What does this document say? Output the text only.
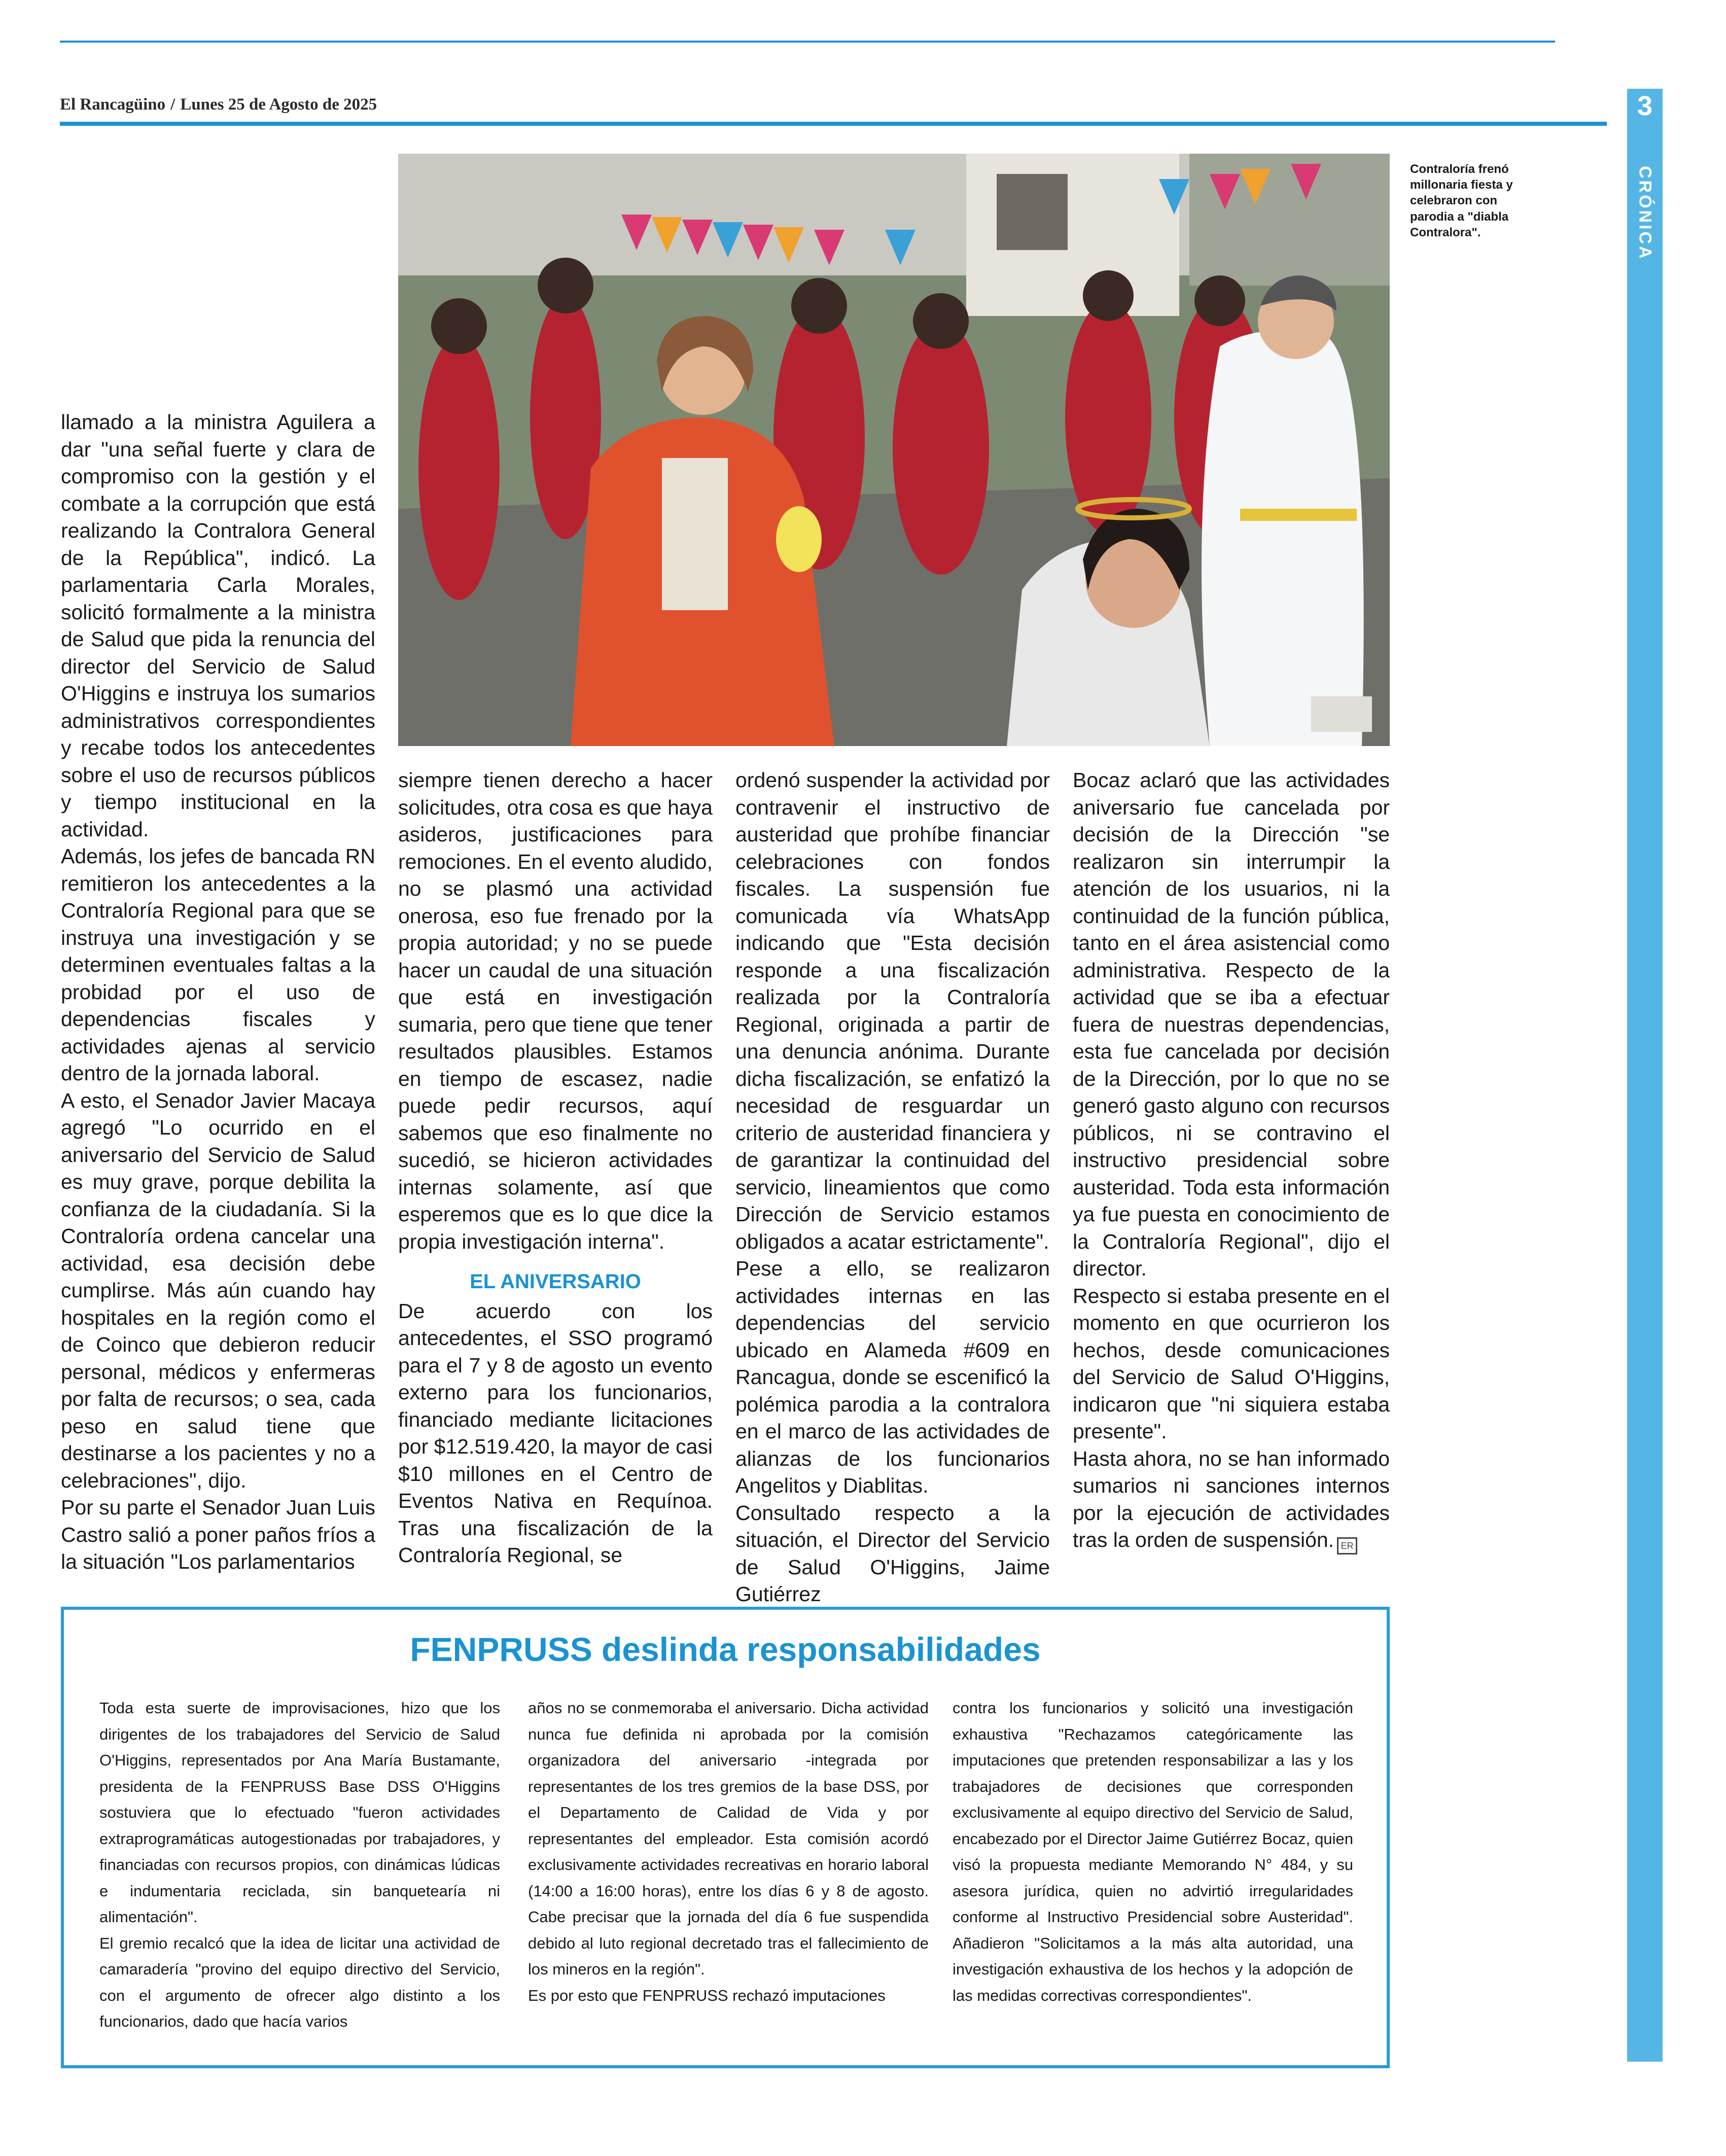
El Rancagüino / Lunes 25 de Agosto de 2025	3
CRÓNICA
Contraloría frenó millonaria fiesta y celebraron con parodia a "diabla Contralora".

llamado a la ministra Aguilera a dar "una señal fuerte y clara de compromiso con la gestión y el combate a la corrupción que está realizando la Contralora General de la República", indicó. La parlamentaria Carla Morales, solicitó formalmente a la ministra de Salud que pida la renuncia del director del Servicio de Salud O'Higgins e instruya los sumarios administrativos correspondientes y recabe todos los antecedentes sobre el uso de recursos públicos y tiempo institucional en la actividad.

Además, los jefes de bancada RN remitieron los antecedentes a la Contraloría Regional para que se instruya una investigación y se determinen eventuales faltas a la probidad por el uso de dependencias fiscales y actividades ajenas al servicio dentro de la jornada laboral.

A esto, el Senador Javier Macaya agregó "Lo ocurrido en el aniversario del Servicio de Salud es muy grave, porque debilita la confianza de la ciudadanía. Si la Contraloría ordena cancelar una actividad, esa decisión debe cumplirse. Más aún cuando hay hospitales en la región como el de Coinco que debieron reducir personal, médicos y enfermeras por falta de recursos; o sea, cada peso en salud tiene que destinarse a los pacientes y no a celebraciones", dijo.

Por su parte el Senador Juan Luis Castro salió a poner paños fríos a la situación "Los parlamentarios

siempre tienen derecho a hacer solicitudes, otra cosa es que haya asideros, justificaciones para remociones. En el evento aludido, no se plasmó una actividad onerosa, eso fue frenado por la propia autoridad; y no se puede hacer un caudal de una situación que está en investigación sumaria, pero que tiene que tener resultados plausibles. Estamos en tiempo de escasez, nadie puede pedir recursos, aquí sabemos que eso finalmente no sucedió, se hicieron actividades internas solamente, así que esperemos que es lo que dice la propia investigación interna".

EL ANIVERSARIO

De acuerdo con los antecedentes, el SSO programó para el 7 y 8 de agosto un evento externo para los funcionarios, financiado mediante licitaciones por $12.519.420, la mayor de casi $10 millones en el Centro de Eventos Nativa en Requínoa. Tras una fiscalización de la Contraloría Regional, se

ordenó suspender la actividad por contravenir el instructivo de austeridad que prohíbe financiar celebraciones con fondos fiscales. La suspensión fue comunicada vía WhatsApp indicando que "Esta decisión responde a una fiscalización realizada por la Contraloría Regional, originada a partir de una denuncia anónima. Durante dicha fiscalización, se enfatizó la necesidad de resguardar un criterio de austeridad financiera y de garantizar la continuidad del servicio, lineamientos que como Dirección de Servicio estamos obligados a acatar estrictamente".

Pese a ello, se realizaron actividades internas en las dependencias del servicio ubicado en Alameda #609 en Rancagua, donde se escenificó la polémica parodia a la contralora en el marco de las actividades de alianzas de los funcionarios Angelitos y Diablitas.

Consultado respecto a la situación, el Director del Servicio de Salud O'Higgins, Jaime Gutiérrez

Bocaz aclaró que las actividades aniversario fue cancelada por decisión de la Dirección "se realizaron sin interrumpir la atención de los usuarios, ni la continuidad de la función pública, tanto en el área asistencial como administrativa. Respecto de la actividad que se iba a efectuar fuera de nuestras dependencias, esta fue cancelada por decisión de la Dirección, por lo que no se generó gasto alguno con recursos públicos, ni se contravino el instructivo presidencial sobre austeridad. Toda esta información ya fue puesta en conocimiento de la Contraloría Regional", dijo el director.

Respecto si estaba presente en el momento en que ocurrieron los hechos, desde comunicaciones del Servicio de Salud O'Higgins, indicaron que "ni siquiera estaba presente".

Hasta ahora, no se han informado sumarios ni sanciones internos por la ejecución de actividades tras la orden de suspensión. ER

FENPRUSS deslinda responsabilidades

Toda esta suerte de improvisaciones, hizo que los dirigentes de los trabajadores del Servicio de Salud O'Higgins, representados por Ana María Bustamante, presidenta de la FENPRUSS Base DSS O'Higgins sostuviera que lo efectuado "fueron actividades extraprogramáticas autogestionadas por trabajadores, y financiadas con recursos propios, con dinámicas lúdicas e indumentaria reciclada, sin banquetearía ni alimentación".

El gremio recalcó que la idea de licitar una actividad de camaradería "provino del equipo directivo del Servicio, con el argumento de ofrecer algo distinto a los funcionarios, dado que hacía varios

años no se conmemoraba el aniversario. Dicha actividad nunca fue definida ni aprobada por la comisión organizadora del aniversario -integrada por representantes de los tres gremios de la base DSS, por el Departamento de Calidad de Vida y por representantes del empleador. Esta comisión acordó exclusivamente actividades recreativas en horario laboral (14:00 a 16:00 horas), entre los días 6 y 8 de agosto. Cabe precisar que la jornada del día 6 fue suspendida debido al luto regional decretado tras el fallecimiento de los mineros en la región".

Es por esto que FENPRUSS rechazó imputaciones

contra los funcionarios y solicitó una investigación exhaustiva "Rechazamos categóricamente las imputaciones que pretenden responsabilizar a las y los trabajadores de decisiones que corresponden exclusivamente al equipo directivo del Servicio de Salud, encabezado por el Director Jaime Gutiérrez Bocaz, quien visó la propuesta mediante Memorando N° 484, y su asesora jurídica, quien no advirtió irregularidades conforme al Instructivo Presidencial sobre Austeridad". Añadieron "Solicitamos a la más alta autoridad, una investigación exhaustiva de los hechos y la adopción de las medidas correctivas correspondientes".
